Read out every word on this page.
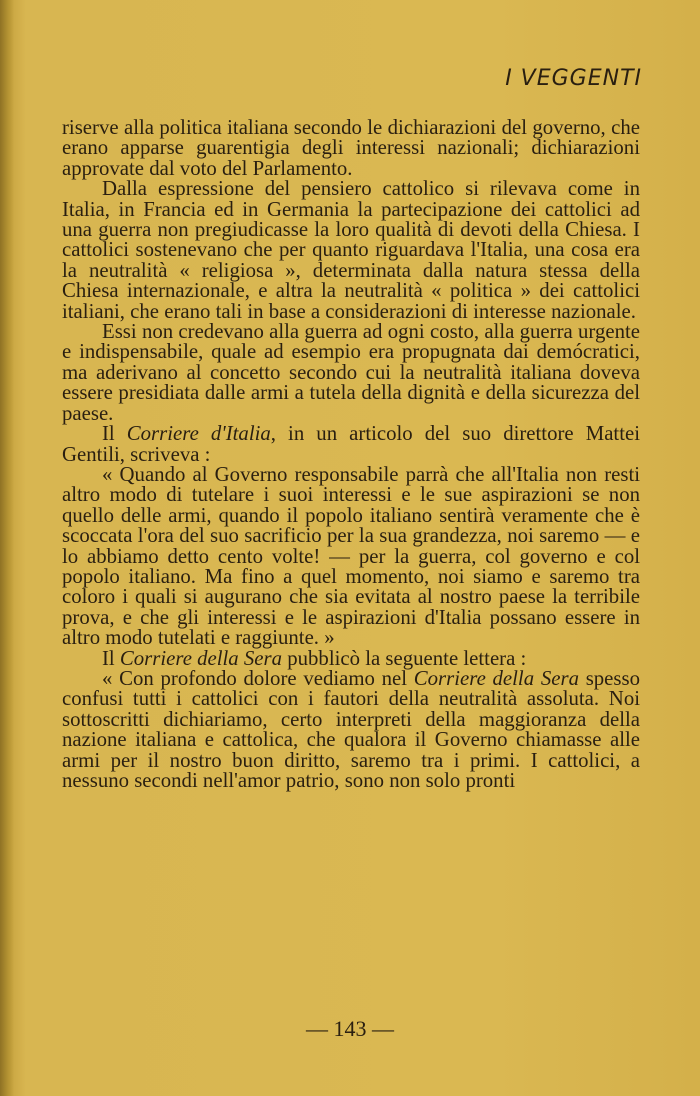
I VEGGENTI

riserve alla politica italiana secondo le dichiarazioni del governo, che erano apparse guarentigia degli interessi nazionali; dichiarazioni approvate dal voto del Parlamento.

Dalla espressione del pensiero cattolico si rilevava come in Italia, in Francia ed in Germania la partecipazione dei cattolici ad una guerra non pregiudicasse la loro qualità di devoti della Chiesa. I cattolici sostenevano che per quanto riguardava l'Italia, una cosa era la neutralità « religiosa », determinata dalla natura stessa della Chiesa internazionale, e altra la neutralità « politica » dei cattolici italiani, che erano tali in base a considerazioni di interesse nazionale.

Essi non credevano alla guerra ad ogni costo, alla guerra urgente e indispensabile, quale ad esempio era propugnata dai demócratici, ma aderivano al concetto secondo cui la neutralità italiana doveva essere presidiata dalle armi a tutela della dignità e della sicurezza del paese.

Il Corriere d'Italia, in un articolo del suo direttore Mattei Gentili, scriveva :

« Quando al Governo responsabile parrà che all'Italia non resti altro modo di tutelare i suoi interessi e le sue aspirazioni se non quello delle armi, quando il popolo italiano sentirà veramente che è scoccata l'ora del suo sacrificio per la sua grandezza, noi saremo — e lo abbiamo detto cento volte! — per la guerra, col governo e col popolo italiano. Ma fino a quel momento, noi siamo e saremo tra coloro i quali si augurano che sia evitata al nostro paese la terribile prova, e che gli interessi e le aspirazioni d'Italia possano essere in altro modo tutelati e raggiunte. »

Il Corriere della Sera pubblicò la seguente lettera :

« Con profondo dolore vediamo nel Corriere della Sera spesso confusi tutti i cattolici con i fautori della neutralità assoluta. Noi sottoscritti dichiariamo, certo interpreti della maggioranza della nazione italiana e cattolica, che qualora il Governo chiamasse alle armi per il nostro buon diritto, saremo tra i primi. I cattolici, a nessuno secondi nell'amor patrio, sono non solo pronti

— 143 —
